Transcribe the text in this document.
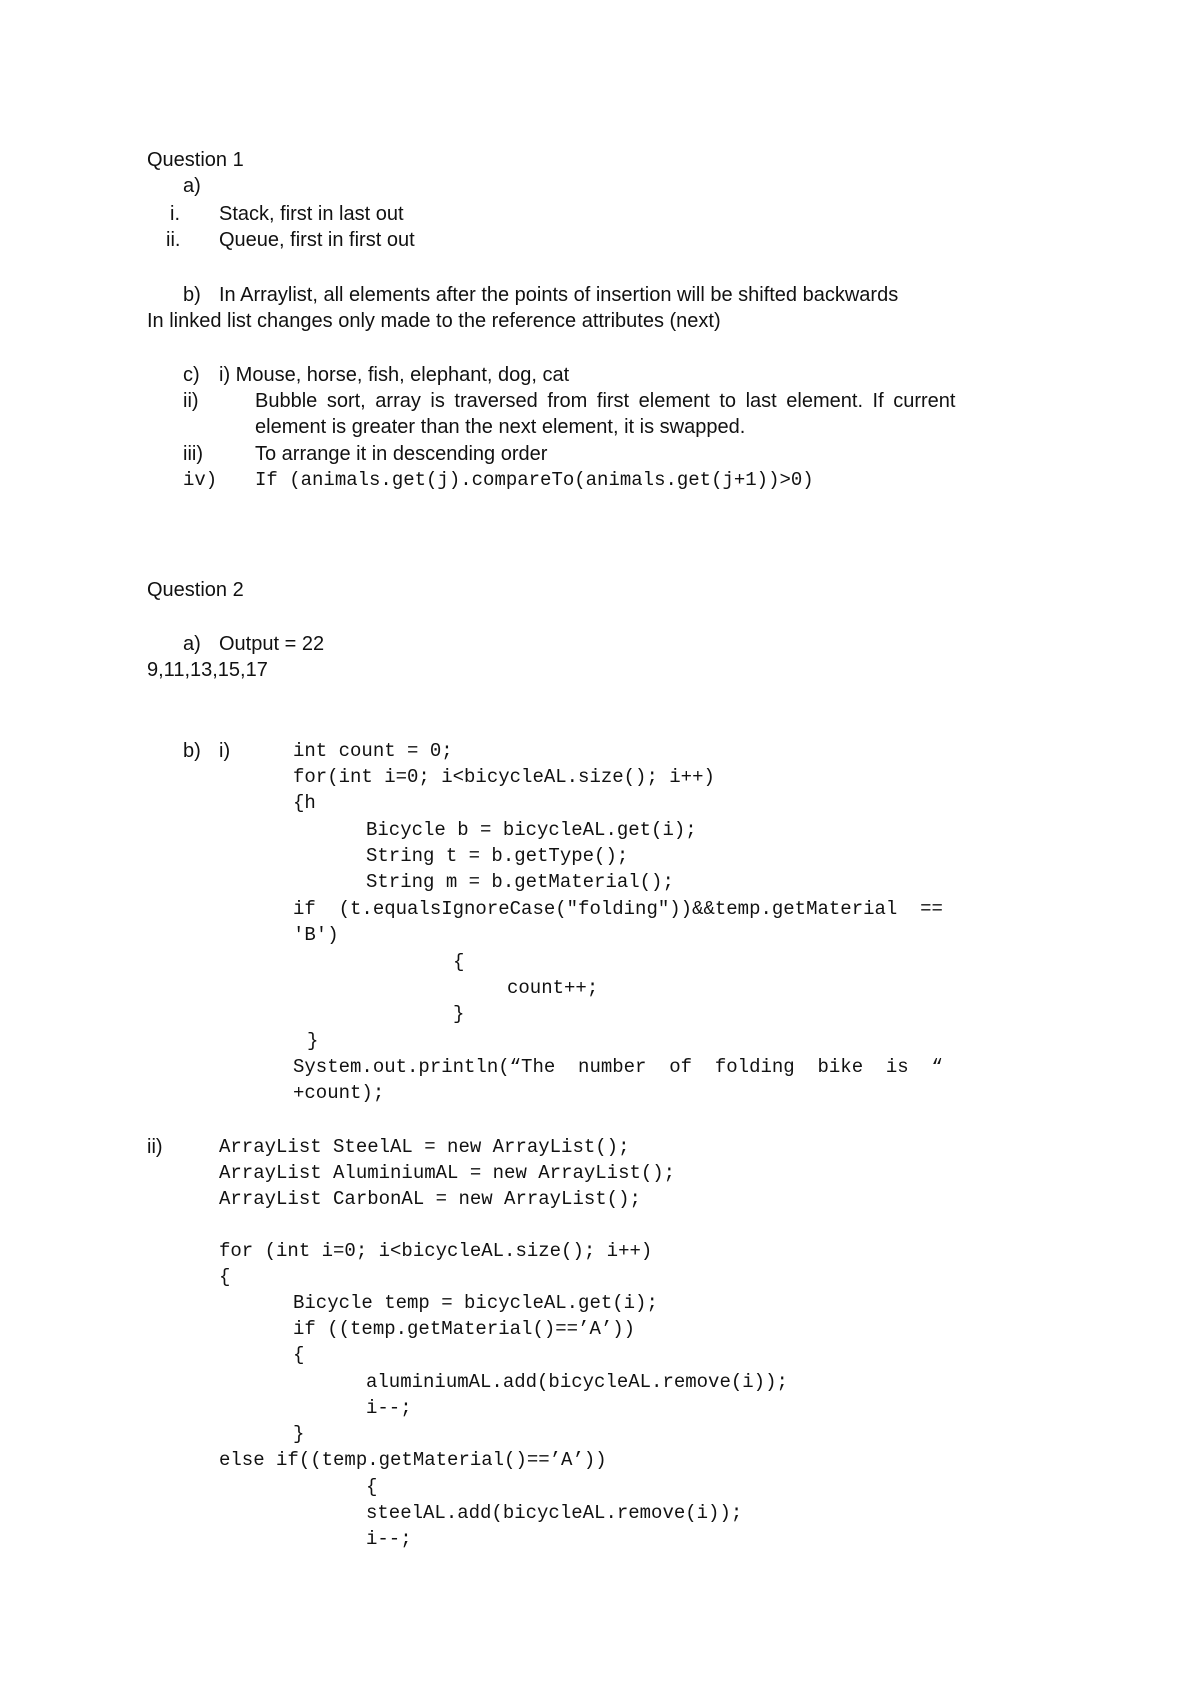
Question 1
a)
i. Stack, first in last out
ii. Queue, first in first out
b) In Arraylist, all elements after the points of insertion will be shifted backwards
In linked list changes only made to the reference attributes (next)
c) i) Mouse, horse, fish, elephant, dog, cat
ii)	Bubble sort, array is traversed from first element to last element. If current
element is greater than the next element, it is swapped.
iii)	To arrange it in descending order
iv) If (animals.get(j).compareTo(animals.get(j+1))>0)
Question 2
a) Output = 22
9,11,13,15,17
b) i)	int count = 0;
for(int i=0; i<bicycleAL.size(); i++)
{h
Bicycle b = bicycleAL.get(i);
String t = b.getType();
String m = b.getMaterial();
if  (t.equalsIgnoreCase("folding"))&&temp.getMaterial  ==
'B')
{
count++;
}
}
System.out.println(“The  number  of  folding  bike  is  “
+count);
ii)	ArrayList SteelAL = new ArrayList();
ArrayList AluminiumAL = new ArrayList();
ArrayList CarbonAL = new ArrayList();
for (int i=0; i<bicycleAL.size(); i++)
{
Bicycle temp = bicycleAL.get(i);
if ((temp.getMaterial()==’A’))
{
aluminiumAL.add(bicycleAL.remove(i));
i--;
}
else if((temp.getMaterial()==’A’))
{
steelAL.add(bicycleAL.remove(i));
i--;
